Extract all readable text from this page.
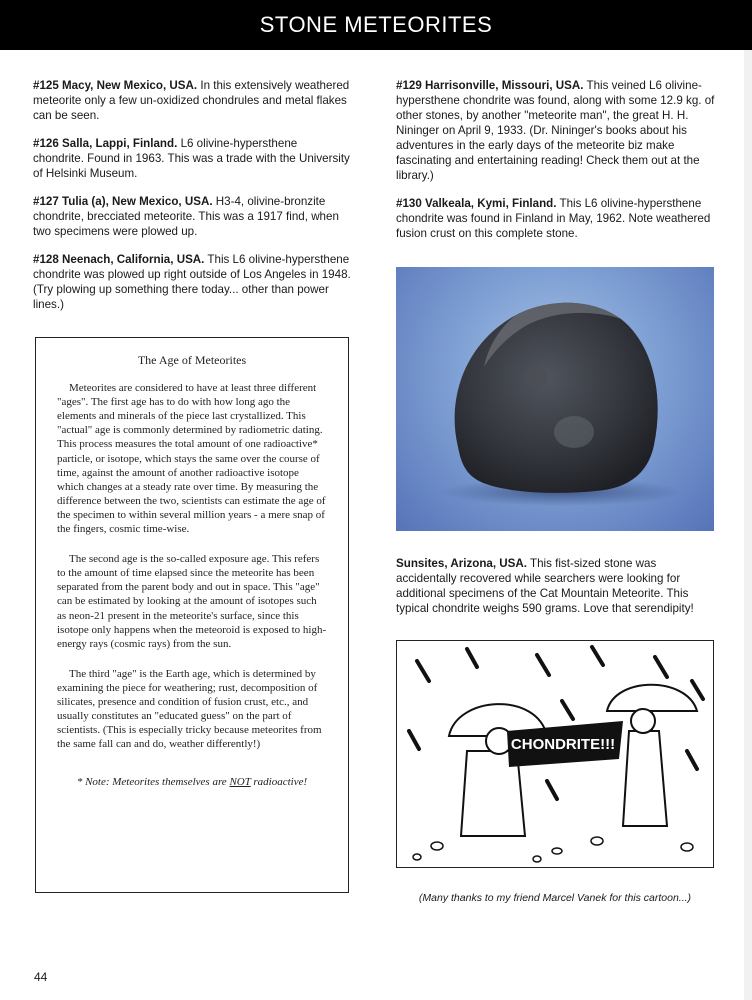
STONE METEORITES

#125 Macy, New Mexico, USA. In this extensively weathered meteorite only a few un-oxidized chondrules and metal flakes can be seen.

#126 Salla, Lappi, Finland. L6 olivine-hypersthene chondrite. Found in 1963. This was a trade with the University of Helsinki Museum.

#127 Tulia (a), New Mexico, USA. H3-4, olivine-bronzite chondrite, brecciated meteorite. This was a 1917 find, when two specimens were plowed up.

#128 Neenach, California, USA. This L6 olivine-hypersthene chondrite was plowed up right outside of Los Angeles in 1948. (Try plowing up something there today... other than power lines.)

The Age of Meteorites

Meteorites are considered to have at least three different "ages". The first age has to do with how long ago the elements and minerals of the piece last crystallized. This "actual" age is commonly determined by radiometric dating. This process measures the total amount of one radioactive* particle, or isotope, which stays the same over the course of time, against the amount of another radioactive isotope which changes at a steady rate over time. By measuring the difference between the two, scientists can estimate the age of the specimen to within several million years - a mere snap of the fingers, cosmic time-wise.

The second age is the so-called exposure age. This refers to the amount of time elapsed since the meteorite has been separated from the parent body and out in space. This "age" can be estimated by looking at the amount of isotopes such as neon-21 present in the meteorite's surface, since this isotope only happens when the meteoroid is exposed to high-energy rays (cosmic rays) from the sun.

The third "age" is the Earth age, which is determined by examining the piece for weathering; rust, decomposition of silicates, presence and condition of fusion crust, etc., and usually constitutes an "educated guess" on the part of scientists. (This is especially tricky because meteorites from the same fall can and do, weather differently!)

* Note: Meteorites themselves are NOT radioactive!

#129 Harrisonville, Missouri, USA. This veined L6 olivine-hypersthene chondrite was found, along with some 12.9 kg. of other stones, by another "meteorite man", the great H. H. Nininger on April 9, 1933. (Dr. Nininger's books about his adventures in the early days of the meteorite biz make fascinating and entertaining reading! Check them out at the library.)

#130 Valkeala, Kymi, Finland. This L6 olivine-hypersthene chondrite was found in Finland in May, 1962. Note weathered fusion crust on this complete stone.

Sunsites, Arizona, USA. This fist-sized stone was accidentally recovered while searchers were looking for additional specimens of the Cat Mountain Meteorite. This typical chondrite weighs 590 grams. Love that serendipity!

CHONDRITE!!!
(Many thanks to my friend Marcel Vanek for this cartoon...)
44
